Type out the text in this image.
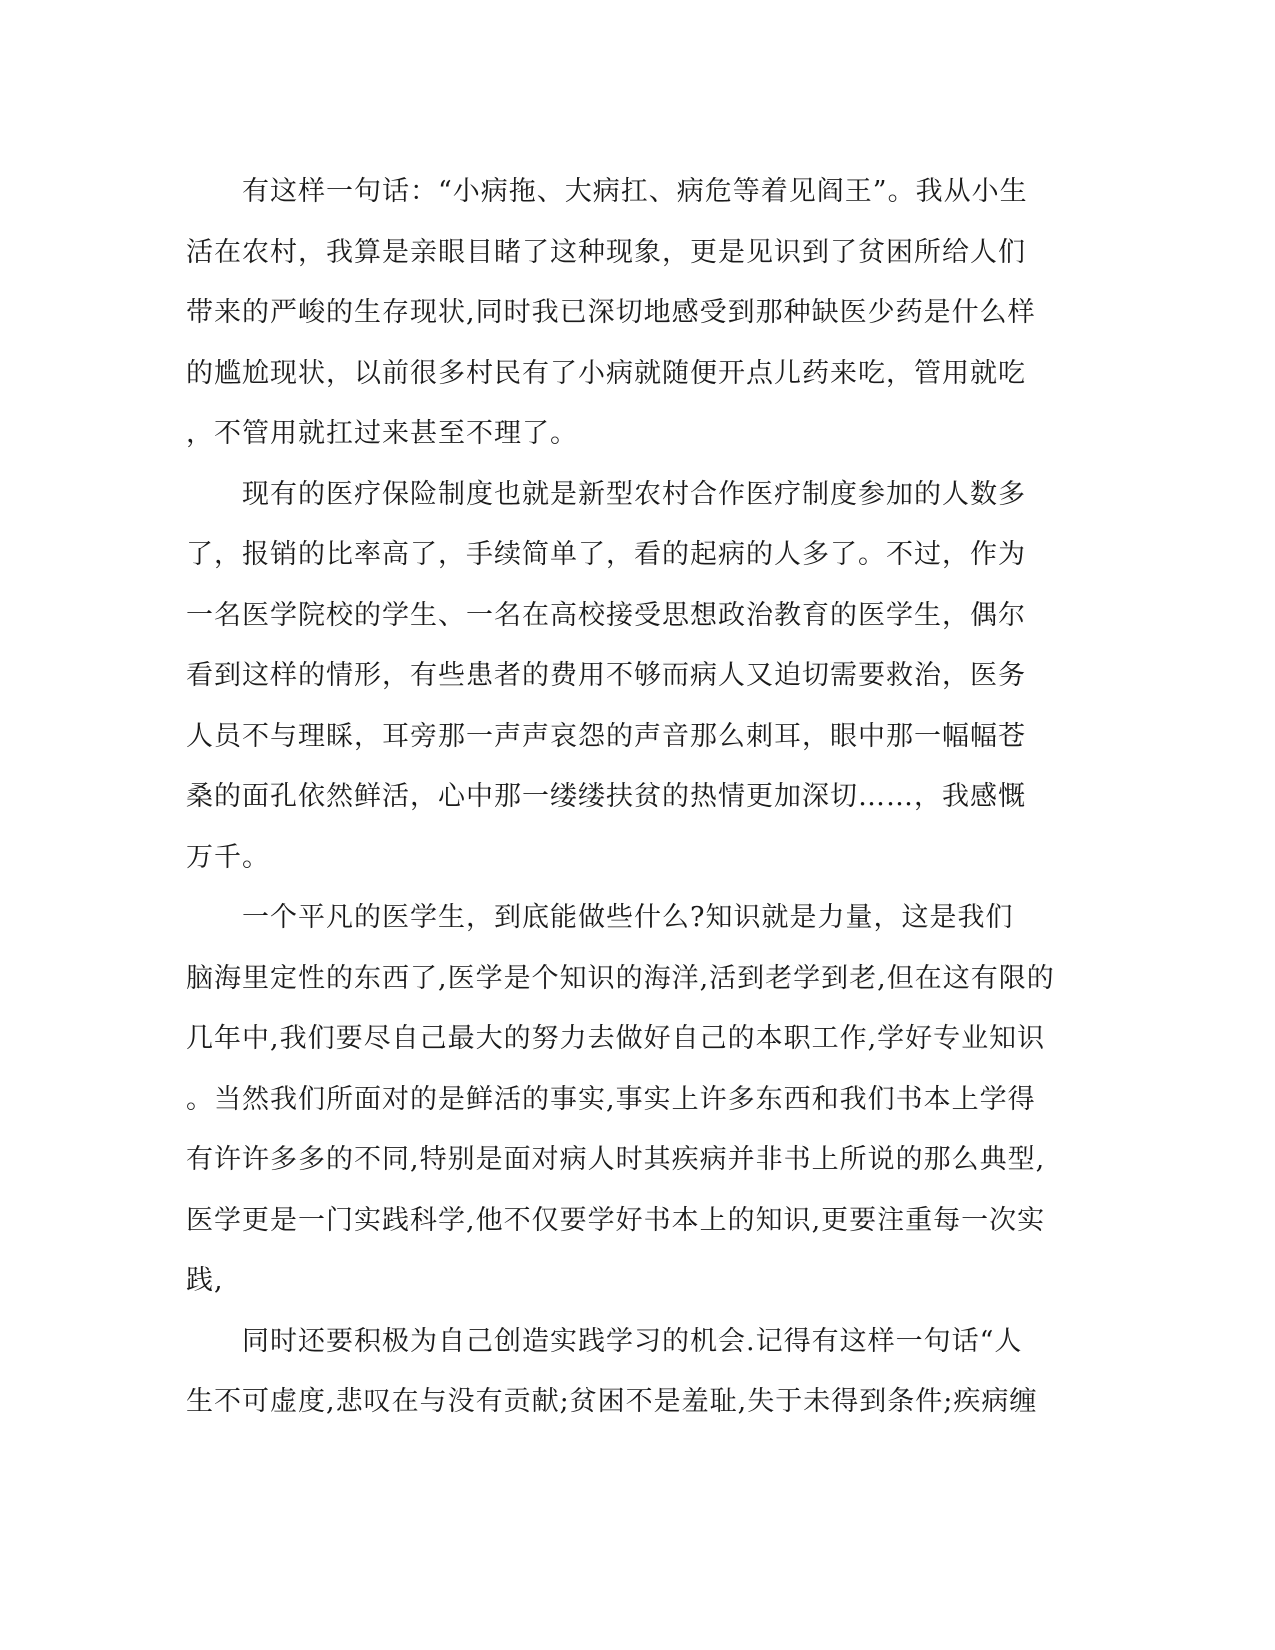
　　有这样一句话：“小病拖、大病扛、病危等着见阎王”。我从小生
活在农村，我算是亲眼目睹了这种现象，更是见识到了贫困所给人们
带来的严峻的生存现状,同时我已深切地感受到那种缺医少药是什么样
的尴尬现状，以前很多村民有了小病就随便开点儿药来吃，管用就吃
，不管用就扛过来甚至不理了。
　　现有的医疗保险制度也就是新型农村合作医疗制度参加的人数多
了，报销的比率高了，手续简单了，看的起病的人多了。不过，作为
一名医学院校的学生、一名在高校接受思想政治教育的医学生，偶尔
看到这样的情形，有些患者的费用不够而病人又迫切需要救治，医务
人员不与理睬，耳旁那一声声哀怨的声音那么刺耳，眼中那一幅幅苍
桑的面孔依然鲜活，心中那一缕缕扶贫的热情更加深切……，我感慨
万千。
　　一个平凡的医学生，到底能做些什么?知识就是力量，这是我们
脑海里定性的东西了,医学是个知识的海洋,活到老学到老,但在这有限的
几年中,我们要尽自己最大的努力去做好自己的本职工作,学好专业知识
。当然我们所面对的是鲜活的事实,事实上许多东西和我们书本上学得
有许许多多的不同,特别是面对病人时其疾病并非书上所说的那么典型,
医学更是一门实践科学,他不仅要学好书本上的知识,更要注重每一次实
践,
　　同时还要积极为自己创造实践学习的机会.记得有这样一句话“人
生不可虚度,悲叹在与没有贡献;贫困不是羞耻,失于未得到条件;疾病缠
